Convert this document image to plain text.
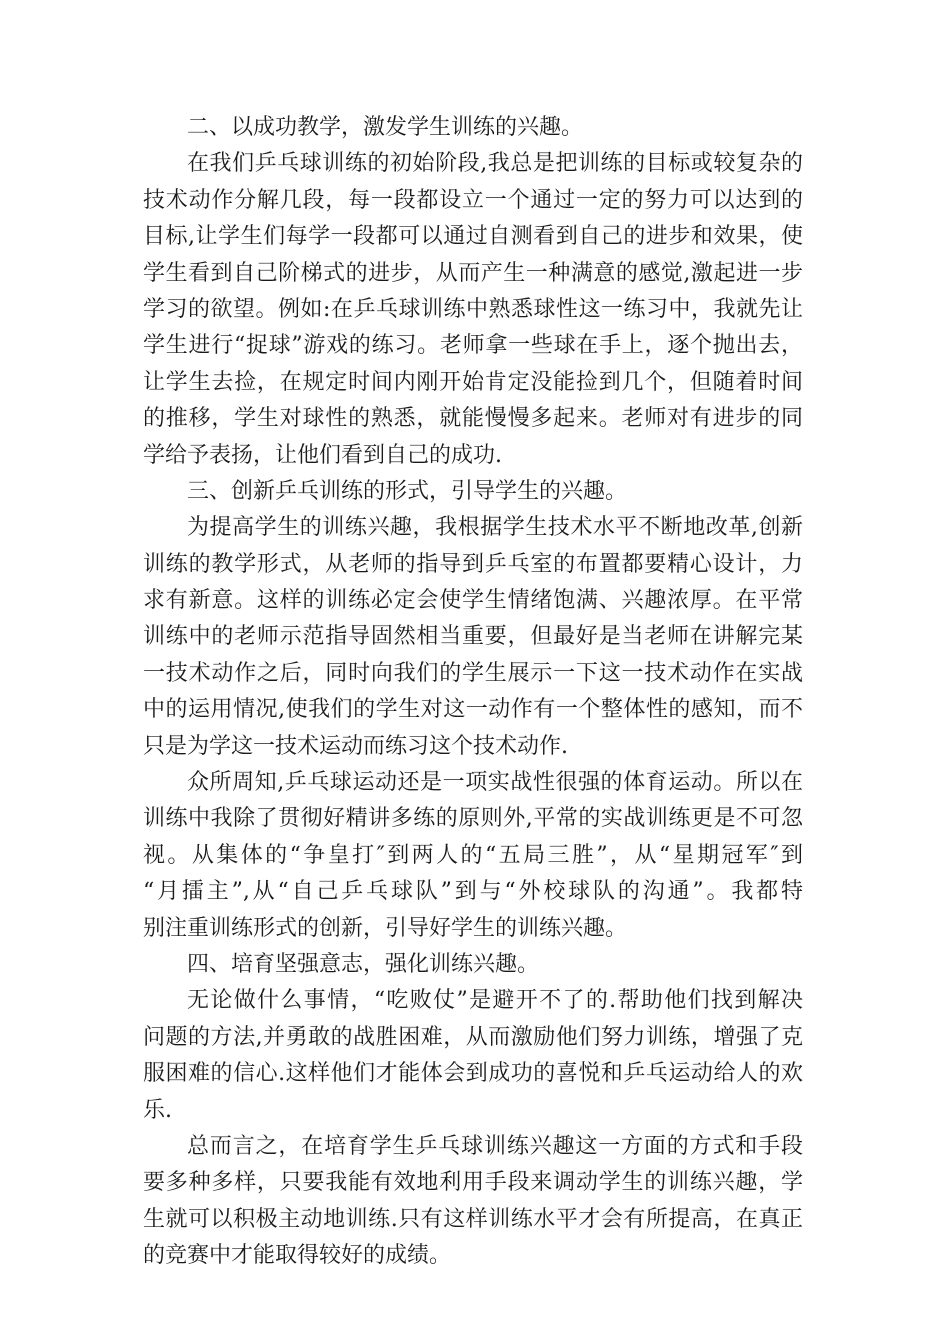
二、以成功教学，激发学生训练的兴趣。
在我们乒乓球训练的初始阶段,我总是把训练的目标或较复杂的
技术动作分解几段，每一段都设立一个通过一定的努力可以达到的
目标,让学生们每学一段都可以通过自测看到自己的进步和效果，使
学生看到自己阶梯式的进步，从而产生一种满意的感觉,激起进一步
学习的欲望。例如:在乒乓球训练中熟悉球性这一练习中，我就先让
学生进行“捉球”游戏的练习。老师拿一些球在手上，逐个抛出去，
让学生去捡，在规定时间内刚开始肯定没能捡到几个，但随着时间
的推移，学生对球性的熟悉，就能慢慢多起来。老师对有进步的同
学给予表扬，让他们看到自己的成功.
三、创新乒乓训练的形式，引导学生的兴趣。
为提高学生的训练兴趣，我根据学生技术水平不断地改革,创新
训练的教学形式，从老师的指导到乒乓室的布置都要精心设计，力
求有新意。这样的训练必定会使学生情绪饱满、兴趣浓厚。在平常
训练中的老师示范指导固然相当重要，但最好是当老师在讲解完某
一技术动作之后，同时向我们的学生展示一下这一技术动作在实战
中的运用情况,使我们的学生对这一动作有一个整体性的感知，而不
只是为学这一技术运动而练习这个技术动作.
众所周知,乒乓球运动还是一项实战性很强的体育运动。所以在
训练中我除了贯彻好精讲多练的原则外,平常的实战训练更是不可忽
视。从集体的“争皇打″到两人的“五局三胜”，从“星期冠军″到
“月擂主”,从“自己乒乓球队”到与“外校球队的沟通”。我都特
别注重训练形式的创新，引导好学生的训练兴趣。
四、培育坚强意志，强化训练兴趣。
无论做什么事情，“吃败仗”是避开不了的.帮助他们找到解决
问题的方法,并勇敢的战胜困难，从而激励他们努力训练，增强了克
服困难的信心.这样他们才能体会到成功的喜悦和乒乓运动给人的欢
乐.
总而言之，在培育学生乒乓球训练兴趣这一方面的方式和手段
要多种多样，只要我能有效地利用手段来调动学生的训练兴趣，学
生就可以积极主动地训练.只有这样训练水平才会有所提高，在真正
的竞赛中才能取得较好的成绩。
